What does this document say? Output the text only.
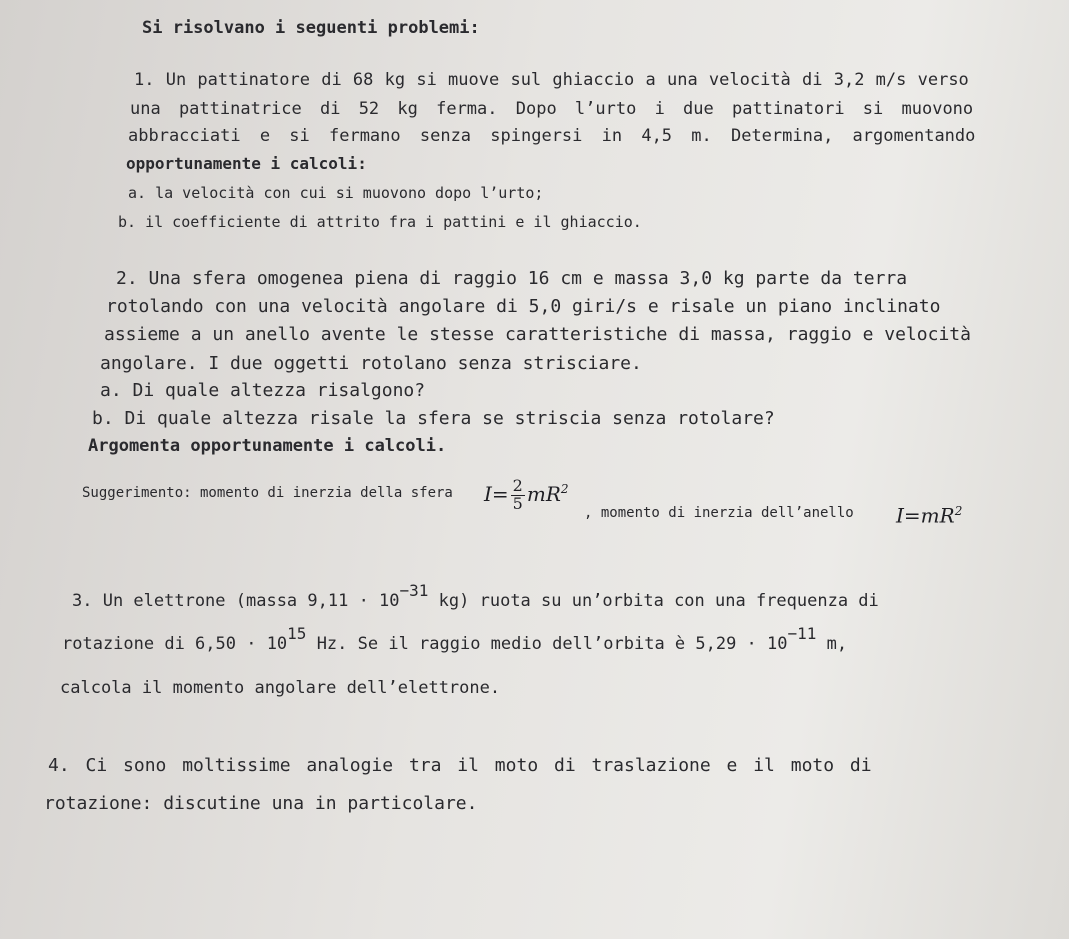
Si risolvano i seguenti problemi:
1. Un pattinatore di 68 kg si muove sul ghiaccio a una velocità di 3,2 m/s verso
una pattinatrice di 52 kg ferma. Dopo l’urto i due pattinatori si muovono
abbracciati e si fermano senza spingersi in 4,5 m. Determina, argomentando
opportunamente i calcoli:
a. la velocità con cui si muovono dopo l’urto;
b. il coefficiente di attrito fra i pattini e il ghiaccio.
2. Una sfera omogenea piena di raggio 16 cm e massa 3,0 kg parte da terra
rotolando con una velocità angolare di 5,0 giri/s e risale un piano inclinato
assieme a un anello avente le stesse caratteristiche di massa, raggio e velocità
angolare. I due oggetti rotolano senza strisciare.
a. Di quale altezza risalgono?
b. Di quale altezza risale la sfera se striscia senza rotolare?
Argomenta opportunamente i calcoli.
Suggerimento: momento di inerzia della sfera $I= \frac{2}{5} mR^2$
, momento di inerzia dell’anello $I=mR^2$
3. Un elettrone (massa 9,11 · 10−31 kg) ruota su un’orbita con una frequenza di
rotazione di 6,50 · 1015 Hz. Se il raggio medio dell’orbita è 5,29 · 10−11 m,
calcola il momento angolare dell’elettrone.
4. Ci sono moltissime analogie tra il moto di traslazione e il moto di
rotazione: discutine una in particolare.
